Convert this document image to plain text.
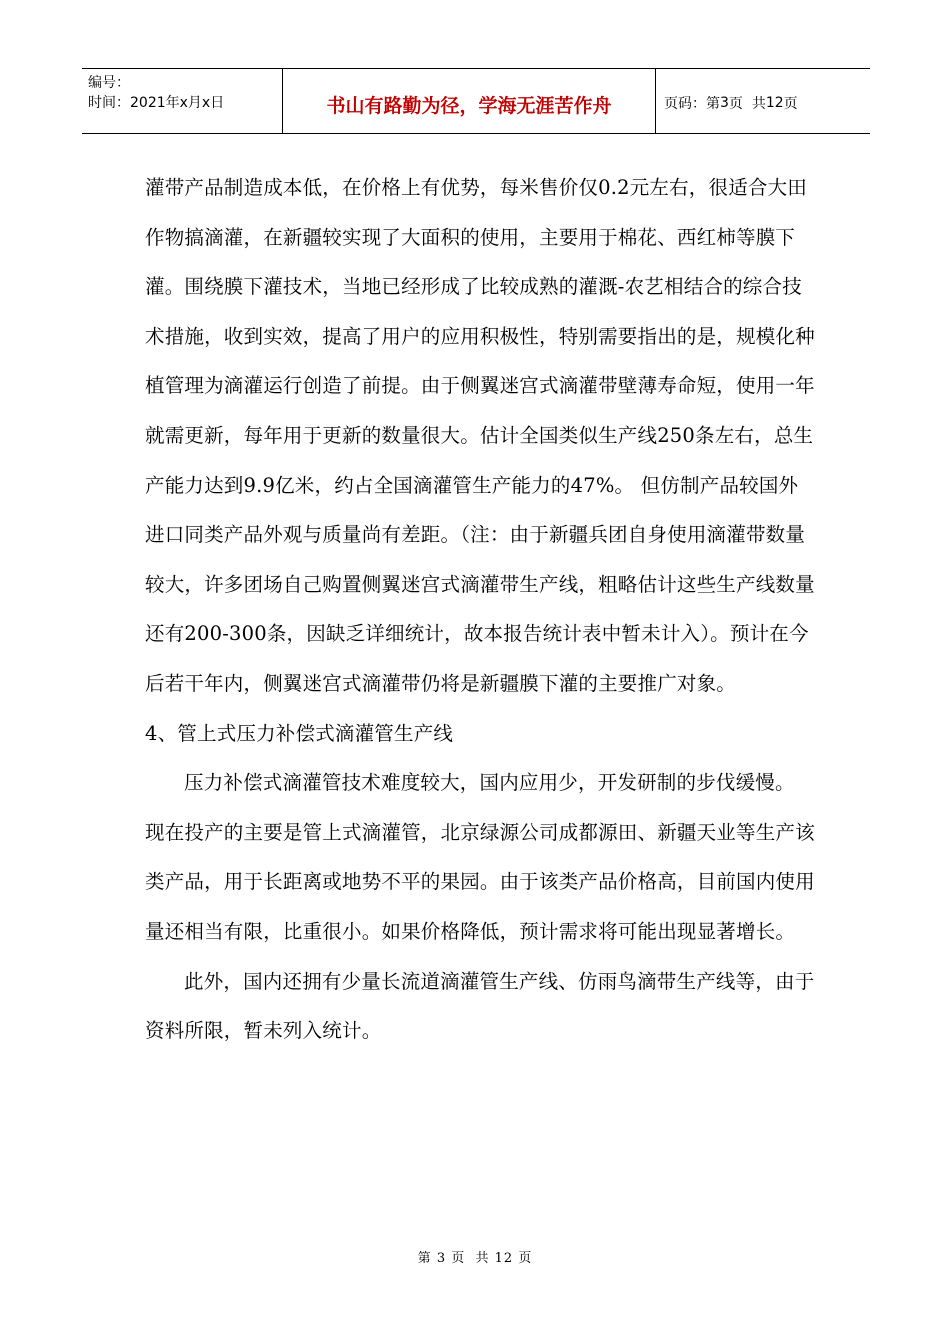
编号：
时间：2021年x月x日	书山有路勤为径，学海无涯苦作舟	页码：第 3 页  共 12 页

灌带产品制造成本低，在价格上有优势，每米售价仅0.2元左右，很适合大田作物搞滴灌，在新疆较实现了大面积的使用，主要用于棉花、西红柿等膜下灌。围绕膜下灌技术，当地已经形成了比较成熟的灌溉-农艺相结合的综合技术措施，收到实效，提高了用户的应用积极性，特别需要指出的是，规模化种植管理为滴灌运行创造了前提。由于侧翼迷宫式滴灌带壁薄寿命短，使用一年就需更新，每年用于更新的数量很大。估计全国类似生产线250条左右，总生产能力达到9.9亿米，约占全国滴灌管生产能力的47%。 但仿制产品较国外进口同类产品外观与质量尚有差距。（注：由于新疆兵团自身使用滴灌带数量较大，许多团场自己购置侧翼迷宫式滴灌带生产线，粗略估计这些生产线数量还有200-300条，因缺乏详细统计，故本报告统计表中暂未计入）。预计在今后若干年内，侧翼迷宫式滴灌带仍将是新疆膜下灌的主要推广对象。

4、管上式压力补偿式滴灌管生产线

压力补偿式滴灌管技术难度较大，国内应用少，开发研制的步伐缓慢。 现在投产的主要是管上式滴灌管，北京绿源公司成都源田、新疆天业等生产该类产品，用于长距离或地势不平的果园。由于该类产品价格高，目前国内使用量还相当有限，比重很小。如果价格降低，预计需求将可能出现显著增长。

此外，国内还拥有少量长流道滴灌管生产线、仿雨鸟滴带生产线等，由于资料所限，暂未列入统计。

第 3 页  共 12 页
